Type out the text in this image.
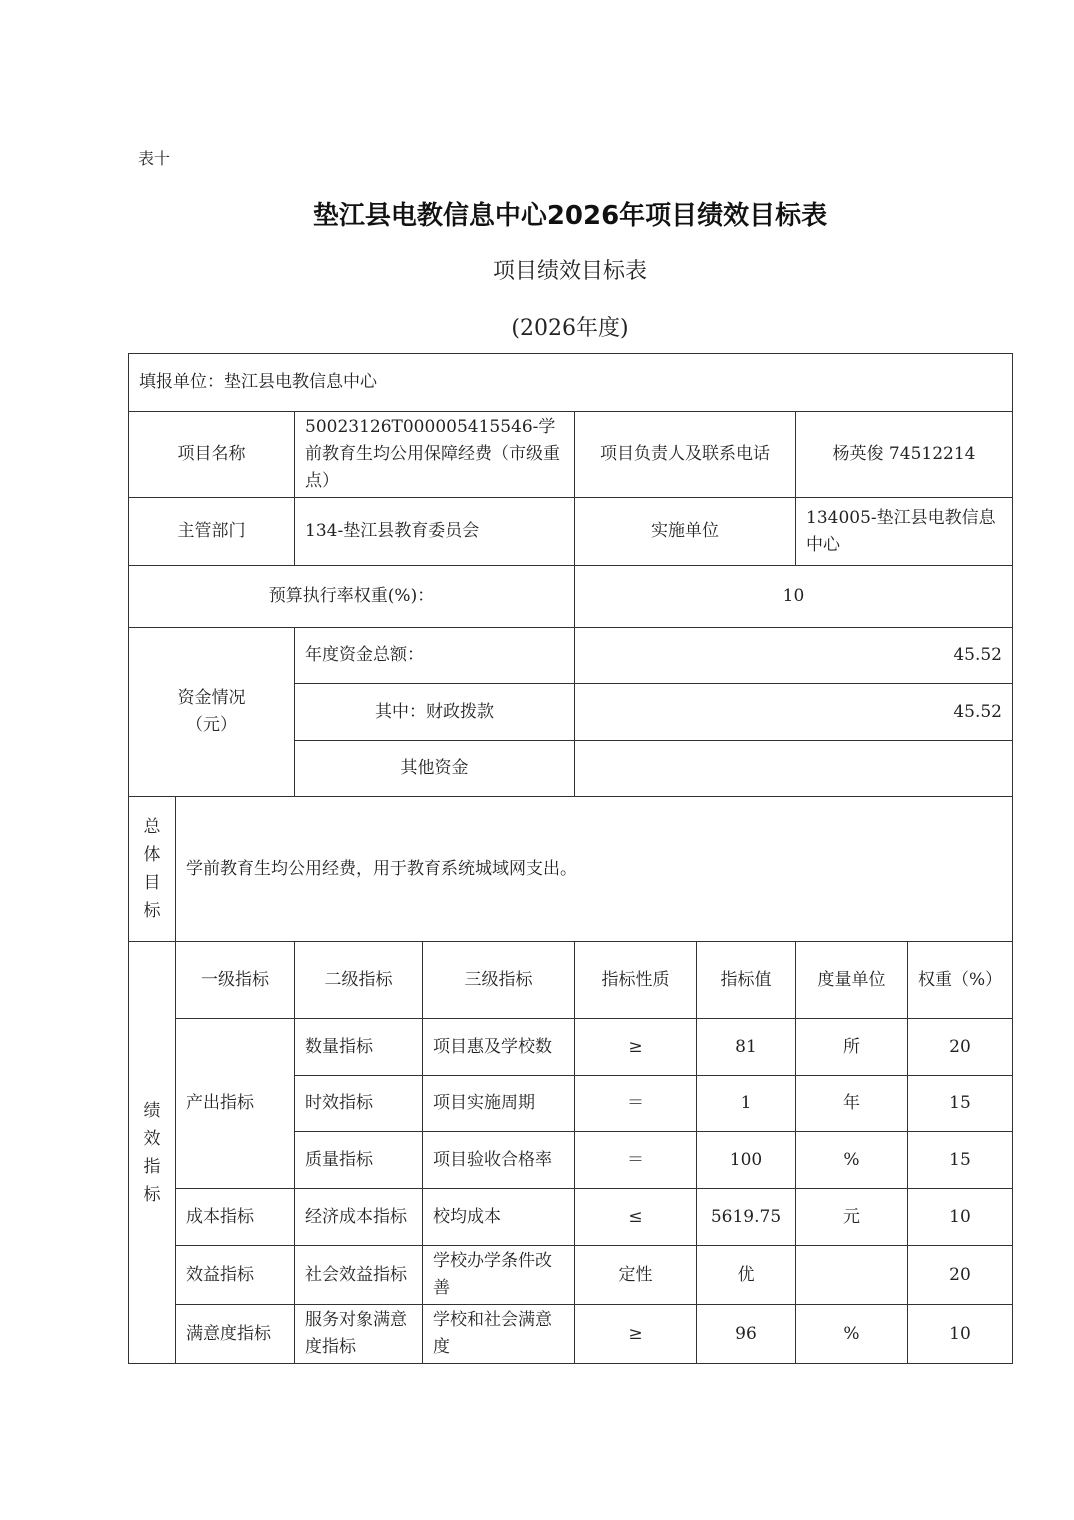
表十
垫江县电教信息中心2026年项目绩效目标表
项目绩效目标表
(2026年度)
填报单位：垫江县电教信息中心							
项目名称		50023126T000005415546-学前教育生均公用保障经费（市级重点）		项目负责人及联系电话		杨英俊 74512214	
主管部门		134-垫江县教育委员会		实施单位		134005-垫江县电教信息中心	
预算执行率权重(%)：				10			

资金情况
（元）		年度资金总额：		45.52			
		其中：财政拨款		45.52			
		其他资金					

总
体
目
标	学前教育生均公用经费，用于教育系统城域网支出。						

绩
效
指
标	一级指标	二级指标	三级指标	指标性质	指标值	度量单位	权重（%）
	产出指标	数量指标	项目惠及学校数	≥	81	所	20
		时效指标	项目实施周期	＝	1	年	15
		质量指标	项目验收合格率	＝	100	%	15
	成本指标	经济成本指标	校均成本	≤	5619.75	元	10
	效益指标	社会效益指标	学校办学条件改善	定性	优		20
	满意度指标	服务对象满意度指标	学校和社会满意度	≥	96	%	10
